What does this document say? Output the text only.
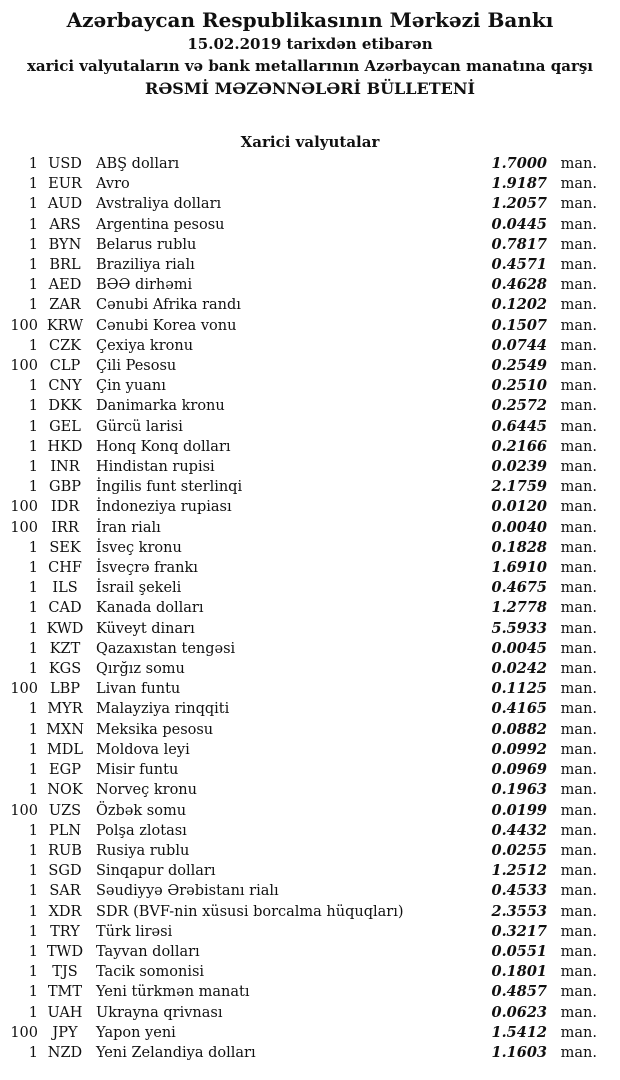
Azərbaycan Respublikasının Mərkəzi Bankı
15.02.2019 tarixdən etibarən
xarici valyutaların və bank metallarının Azərbaycan manatına qarşı
RƏSMİ MƏZƏNNƏLƏRİ BÜLLETENİ
Xarici valyutalar
1 USD ABŞ dolları	1.7000 man.
1 EUR Avro	1.9187 man.
1 AUD Avstraliya dolları	1.2057 man.
1 ARS	Argentina pesosu	0.0445 man.
1 BYN	Belarus rublu	0.7817 man.
1 BRL	Braziliya rialı	0.4571 man.
1 AED	BƏƏ dirhəmi	0.4628 man.
1 ZAR	Cənubi Afrika randı	0.1202 man.
100 KRW Cənubi Korea vonu	0.1507 man.
1 CZK	Çexiya kronu	0.0744 man.
100 CLP	Çili Pesosu	0.2549 man.
1 CNY Çin yuanı	0.2510 man.
1 DKK Danimarka kronu	0.2572 man.
1 GEL	Gürcü larisi	0.6445 man.
1 HKD Honq Konq dolları	0.2166 man.
1 INR	Hindistan rupisi	0.0239 man.
1 GBP	İngilis funt sterlinqi	2.1759 man.
100 IDR	İndoneziya rupiası	0.0120 man.
100 IRR	İran rialı	0.0040 man.
1 SEK	İsveç kronu	0.1828 man.
1 CHF İsveçrə frankı	1.6910 man.
1 ILS	İsrail şekeli	0.4675 man.
1 CAD Kanada dolları	1.2778 man.
1 KWD Küveyt dinarı	5.5933 man.
1 KZT	Qazaxıstan tengəsi	0.0045 man.
1 KGS	Qırğız somu	0.0242 man.
100 LBP	Livan funtu	0.1125 man.
1 MYR Malayziya rinqqiti	0.4165 man.
1 MXN Meksika pesosu	0.0882 man.
1 MDL Moldova leyi	0.0992 man.
1 EGP	Misir funtu	0.0969 man.
1 NOK Norveç kronu	0.1963 man.
100 UZS	Özbək somu	0.0199 man.
1 PLN	Polşa zlotası	0.4432 man.
1 RUB Rusiya rublu	0.0255 man.
1 SGD Sinqapur dolları	1.2512 man.
1 SAR	Səudiyyə Ərəbistanı rialı	0.4533 man.
1 XDR	SDR (BVF-nin xüsusi borcalma hüquqları)	2.3553 man.
1 TRY	Türk lirəsi	0.3217 man.
1 TWD Tayvan dolları	0.0551 man.
1 TJS	Tacik somonisi	0.1801 man.
1 TMT Yeni türkmən manatı	0.4857 man.
1 UAH Ukrayna qrivnası	0.0623 man.
100 JPY	Yapon yeni	1.5412 man.
1 NZD Yeni Zelandiya dolları	1.1603 man.
